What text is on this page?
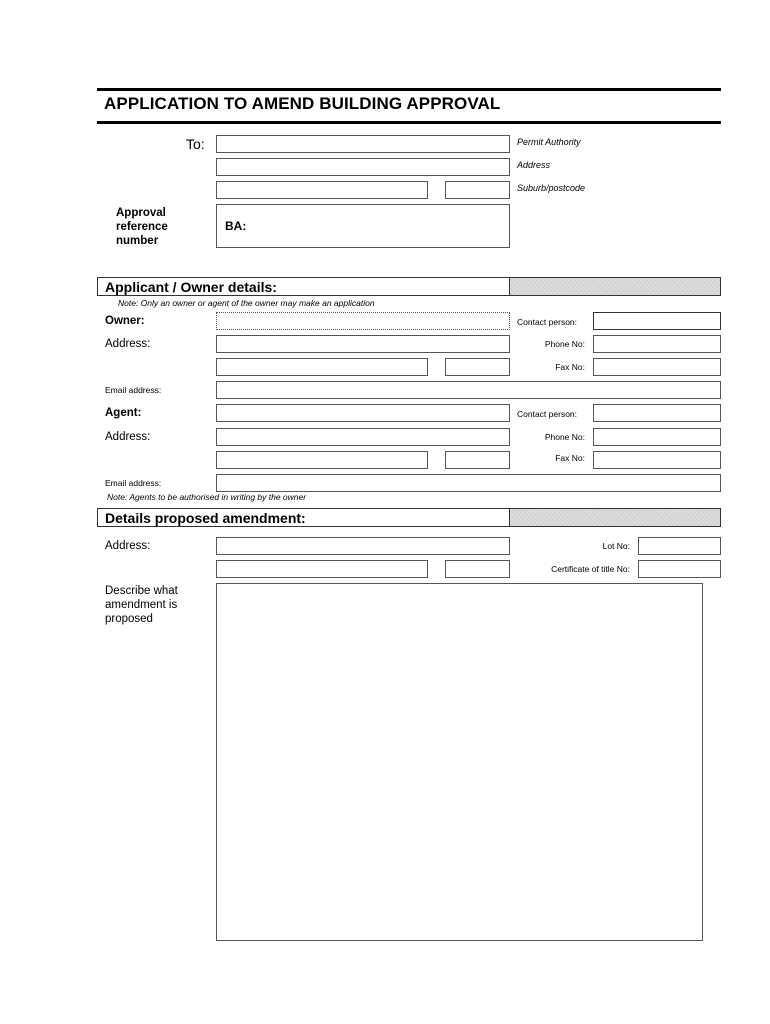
APPLICATION TO AMEND BUILDING APPROVAL
To:	Permit Authority
Address
Suburb/postcode
Approval
reference
number
BA:
Applicant / Owner details:
Note: Only an owner or agent of the owner may make an application
Owner:	Contact person:
Address:	Phone No:
Fax No:
Email address:
Agent:	Contact person:
Address:	Phone No:
Fax No:
Email address:
Note: Agents to be authorised in writing by the owner
Details proposed amendment:
Address:	Lot No:
Certificate of title No:
Describe what
amendment is
proposed
